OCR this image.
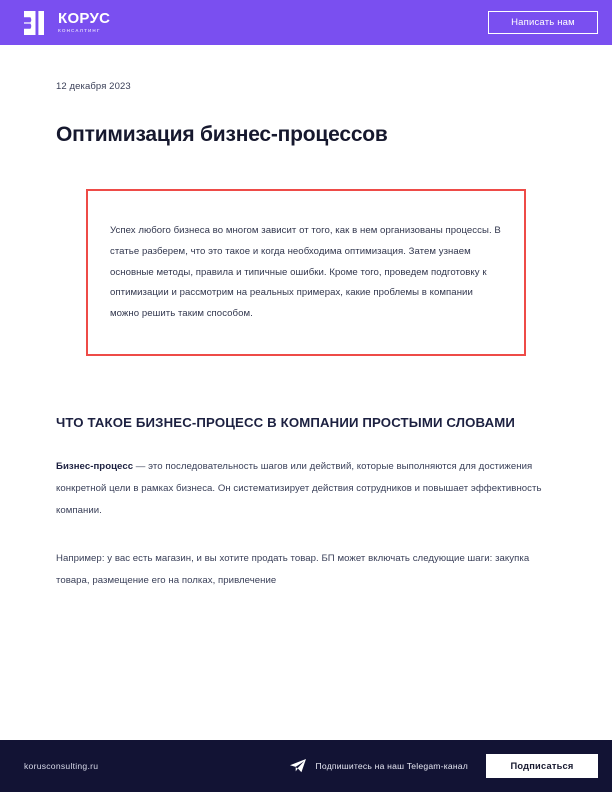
КОРУС
КОНСАЛТИНГ
Написать нам
12 декабря 2023
Оптимизация бизнес-процессов

Успех любого бизнеса во многом зависит от того, как в нем организованы процессы. В статье разберем, что это такое и когда необходима оптимизация. Затем узнаем основные методы, правила и типичные ошибки. Кроме того, проведем подготовку к оптимизации и рассмотрим на реальных примерах, какие проблемы в компании можно решить таким способом.

ЧТО ТАКОЕ БИЗНЕС-ПРОЦЕСС В КОМПАНИИ ПРОСТЫМИ СЛОВАМИ

Бизнес-процесс — это последовательность шагов или действий, которые выполняются для достижения конкретной цели в рамках бизнеса. Он систематизирует действия сотрудников и повышает эффективность компании.

Например: у вас есть магазин, и вы хотите продать товар. БП может включать следующие шаги: закупка товара, размещение его на полках, привлечение

korusconsulting.ru	Подпишитесь на наш Telegam-канал	Подписаться
